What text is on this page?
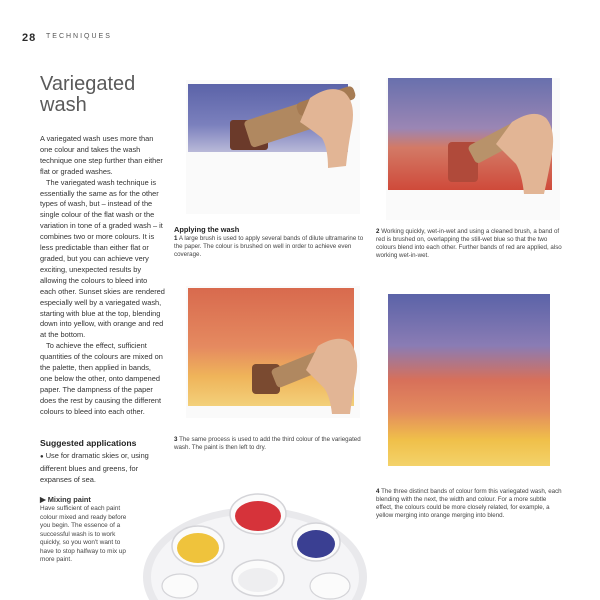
28 TECHNIQUES
Variegated wash

A variegated wash uses more than one colour and takes the wash technique one step further than either flat or graded washes.

The variegated wash technique is essentially the same as for the other types of wash, but – instead of the single colour of the flat wash or the variation in tone of a graded wash – it combines two or more colours. It is less predictable than either flat or graded, but you can achieve very exciting, unexpected results by allowing the colours to bleed into each other. Sunset skies are rendered especially well by a variegated wash, starting with blue at the top, blending down into yellow, with orange and red at the bottom.

To achieve the effect, sufficient quantities of the colours are mixed on the palette, then applied in bands, one below the other, onto dampened paper. The dampness of the paper does the rest by causing the different colours to bleed into each other.

Suggested applications
● Use for dramatic skies or, using different blues and greens, for expanses of sea.
▶ Mixing paint
Have sufficient of each paint colour mixed and ready before you begin. The essence of a successful wash is to work quickly, so you won't want to have to stop halfway to mix up more paint.
Applying the wash
1 A large brush is used to apply several bands of dilute ultramarine to the paper. The colour is brushed on well in order to achieve even coverage.
2 Working quickly, wet-in-wet and using a cleaned brush, a band of red is brushed on, overlapping the still-wet blue so that the two colours blend into each other. Further bands of red are applied, also working wet-in-wet.
3 The same process is used to add the third colour of the variegated wash. The paint is then left to dry.
4 The three distinct bands of colour form this variegated wash, each blending with the next, the width and colour. For a more subtle effect, the colours could be more closely related, for example, a yellow merging into orange merging into blend.
